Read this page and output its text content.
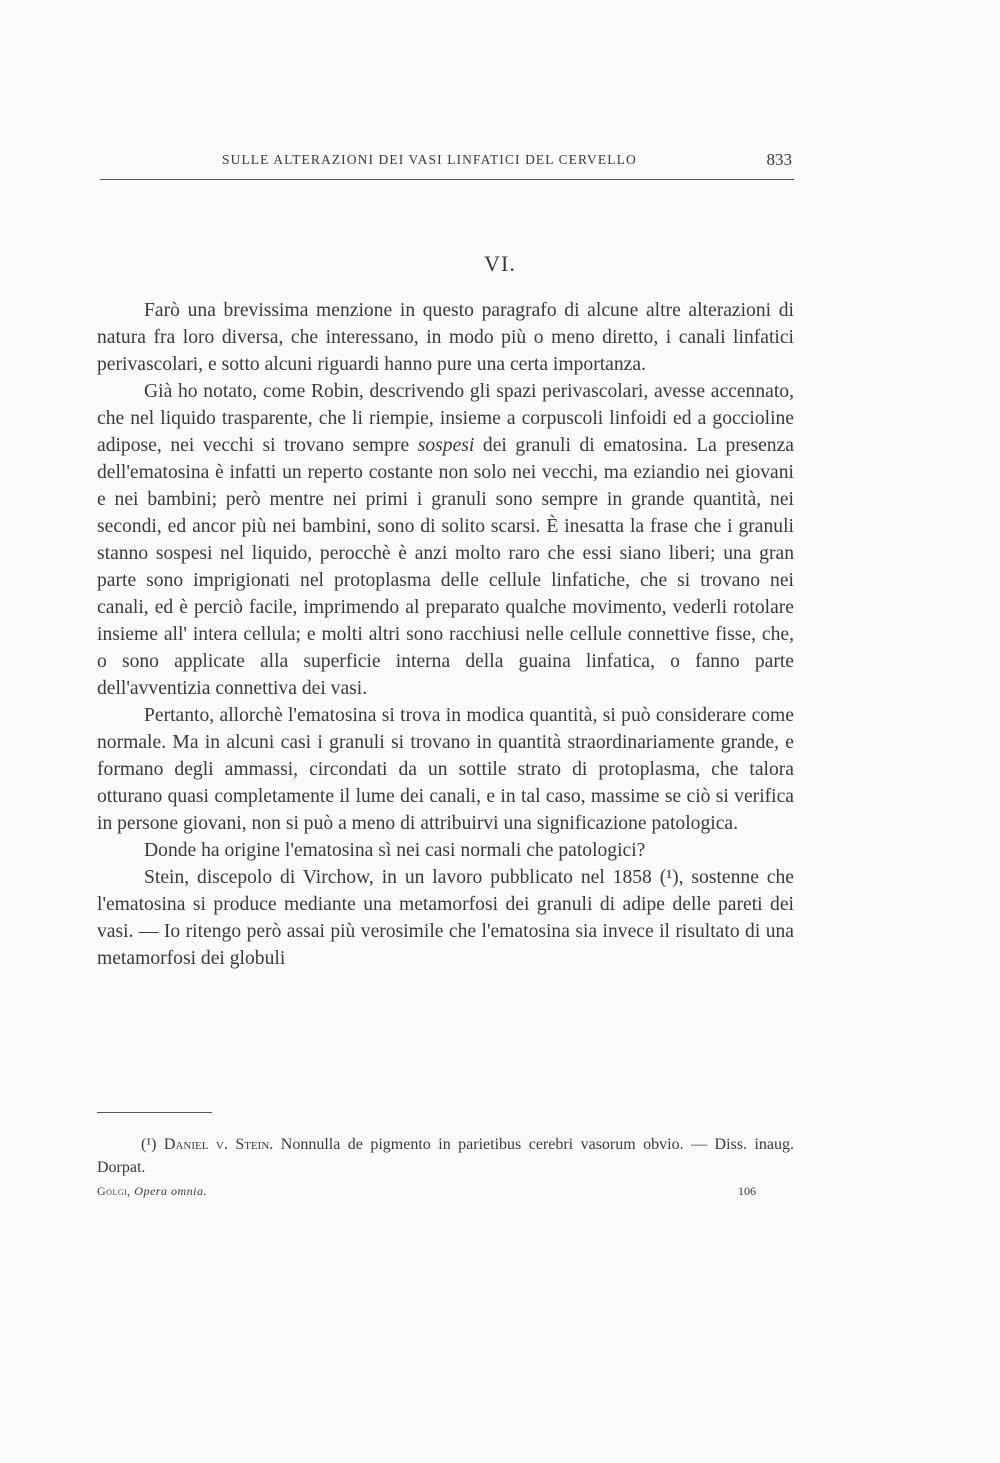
SULLE ALTERAZIONI DEI VASI LINFATICI DEL CERVELLO	833
VI.

Farò una brevissima menzione in questo paragrafo di alcune altre alterazioni di natura fra loro diversa, che interessano, in modo più o meno diretto, i canali linfatici perivascolari, e sotto alcuni riguardi hanno pure una certa importanza.

Già ho notato, come Robin, descrivendo gli spazi perivascolari, avesse accennato, che nel liquido trasparente, che li riempie, insieme a corpuscoli linfoidi ed a goccioline adipose, nei vecchi si trovano sempre sospesi dei granuli di ematosina. La presenza dell'ematosina è infatti un reperto costante non solo nei vecchi, ma eziandio nei giovani e nei bambini; però mentre nei primi i granuli sono sempre in grande quantità, nei secondi, ed ancor più nei bambini, sono di solito scarsi. È inesatta la frase che i granuli stanno sospesi nel liquido, perocchè è anzi molto raro che essi siano liberi; una gran parte sono imprigionati nel protoplasma delle cellule linfatiche, che si trovano nei canali, ed è perciò facile, imprimendo al preparato qualche movimento, vederli rotolare insieme all' intera cellula; e molti altri sono racchiusi nelle cellule connettive fisse, che, o sono applicate alla superficie interna della guaina linfatica, o fanno parte dell'avventizia connettiva dei vasi.

Pertanto, allorchè l'ematosina si trova in modica quantità, si può considerare come normale. Ma in alcuni casi i granuli si trovano in quantità straordinariamente grande, e formano degli ammassi, circondati da un sottile strato di protoplasma, che talora otturano quasi completamente il lume dei canali, e in tal caso, massime se ciò si verifica in persone giovani, non si può a meno di attribuirvi una significazione patologica.

Donde ha origine l'ematosina sì nei casi normali che patologici?

Stein, discepolo di Virchow, in un lavoro pubblicato nel 1858 (¹), sostenne che l'ematosina si produce mediante una metamorfosi dei granuli di adipe delle pareti dei vasi. — Io ritengo però assai più verosimile che l'ematosina sia invece il risultato di una metamorfosi dei globuli

(¹) Daniel v. Stein. Nonnulla de pigmento in parietibus cerebri vasorum obvio. — Diss. inaug. Dorpat.
Golgi, Opera omnia.	106
